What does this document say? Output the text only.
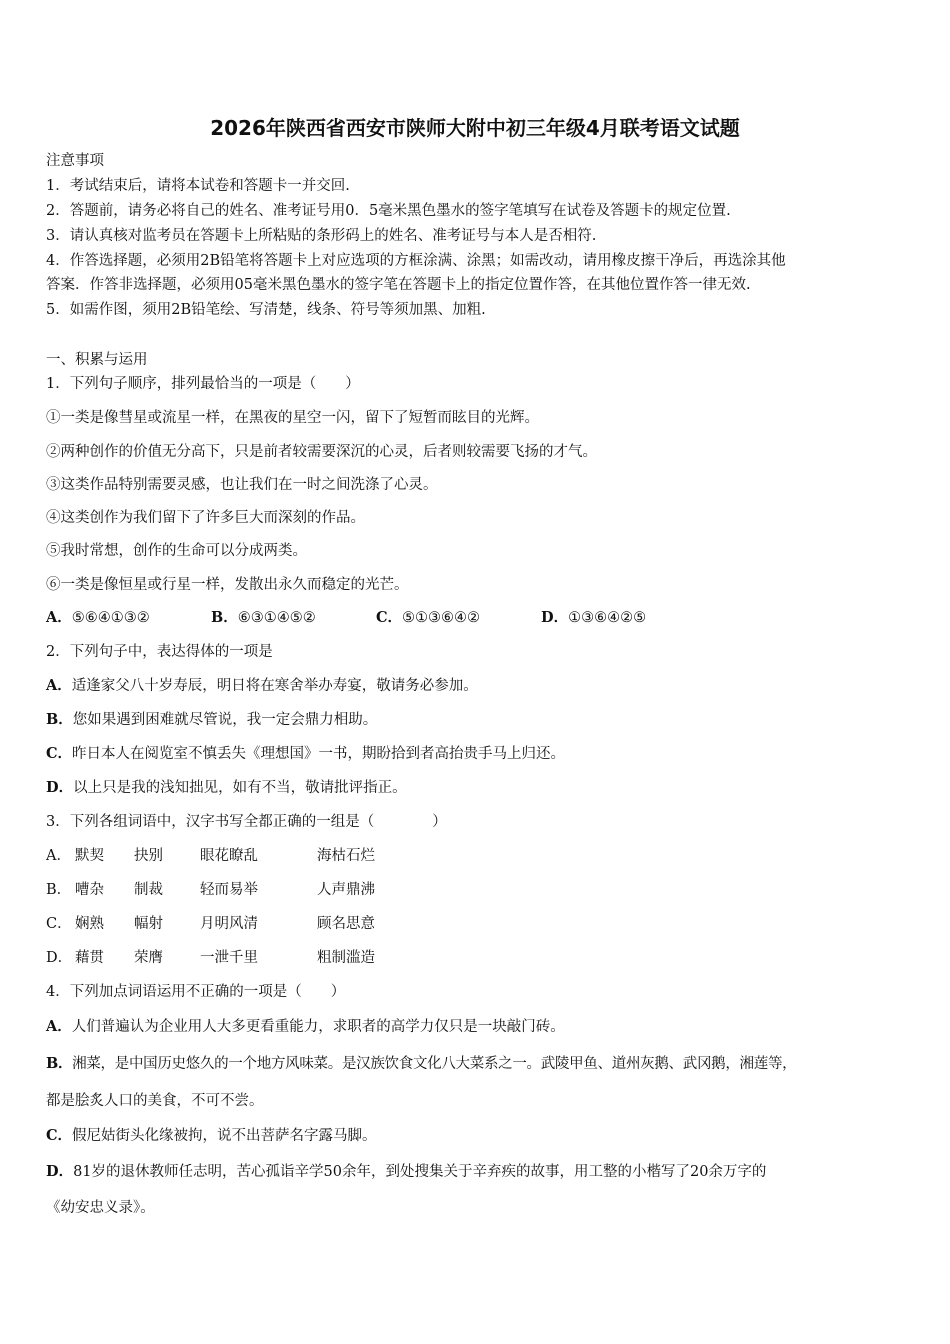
2026年陕西省西安市陕师大附中初三年级4月联考语文试题
注意事项
1．考试结束后，请将本试卷和答题卡一并交回.
2．答题前，请务必将自己的姓名、准考证号用0．5毫米黑色墨水的签字笔填写在试卷及答题卡的规定位置.
3．请认真核对监考员在答题卡上所粘贴的条形码上的姓名、准考证号与本人是否相符.
4．作答选择题，必须用2B铅笔将答题卡上对应选项的方框涂满、涂黑；如需改动，请用橡皮擦干净后，再选涂其他
答案．作答非选择题，必须用05毫米黑色墨水的签字笔在答题卡上的指定位置作答，在其他位置作答一律无效.
5．如需作图，须用2B铅笔绘、写清楚，线条、符号等须加黑、加粗.
一、积累与运用
1．下列句子顺序，排列最恰当的一项是（　　）
①一类是像彗星或流星一样，在黑夜的星空一闪，留下了短暂而眩目的光辉。
②两种创作的价值无分高下，只是前者较需要深沉的心灵，后者则较需要飞扬的才气。
③这类作品特别需要灵感，也让我们在一时之间洗涤了心灵。
④这类创作为我们留下了许多巨大而深刻的作品。
⑤我时常想，创作的生命可以分成两类。
⑥一类是像恒星或行星一样，发散出永久而稳定的光芒。
A．⑤⑥④①③②	B．⑥③①④⑤②	C．⑤①③⑥④②	D．①③⑥④②⑤
2．下列句子中，表达得体的一项是
A．适逢家父八十岁寿辰，明日将在寒舍举办寿宴，敬请务必参加。
B．您如果遇到困难就尽管说，我一定会鼎力相助。
C．昨日本人在阅览室不慎丢失《理想国》一书，期盼拾到者高抬贵手马上归还。
D．以上只是我的浅知拙见，如有不当，敬请批评指正。
3．下列各组词语中，汉字书写全都正确的一组是（　　　　）
A． 默契 抉别	眼花瞭乱	海枯石烂
B． 嘈杂 制裁	轻而易举	人声鼎沸
C． 娴熟 幅射	月明风清	顾名思意
D． 藉贯 荣膺	一泄千里	粗制滥造
4．下列加点词语运用不正确的一项是（　　）
A．人们普遍认为企业用人大多更看重能力，求职者的高学力仅只是一块敲门砖。
B．湘菜，是中国历史悠久的一个地方风味菜。是汉族饮食文化八大菜系之一。武陵甲鱼、道州灰鹅、武冈鹅，湘莲等，
都是脍炙人口的美食，不可不尝。
C．假尼姑街头化缘被拘，说不出菩萨名字露马脚。
D．81岁的退休教师任志明，苦心孤诣辛学50余年，到处搜集关于辛弃疾的故事，用工整的小楷写了20余万字的
《幼安忠义录》。
